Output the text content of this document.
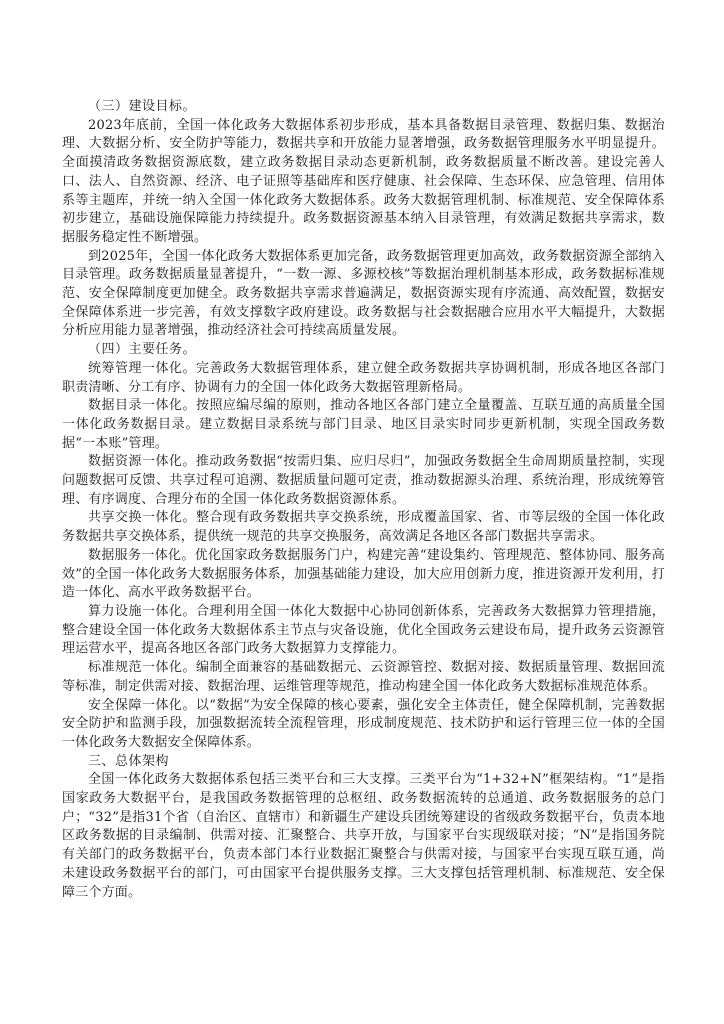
（三）建设目标。

2023年底前，全国一体化政务大数据体系初步形成，基本具备数据目录管理、数据归集、数据治理、大数据分析、安全防护等能力，数据共享和开放能力显著增强，政务数据管理服务水平明显提升。全面摸清政务数据资源底数，建立政务数据目录动态更新机制，政务数据质量不断改善。建设完善人口、法人、自然资源、经济、电子证照等基础库和医疗健康、社会保障、生态环保、应急管理、信用体系等主题库，并统一纳入全国一体化政务大数据体系。政务大数据管理机制、标准规范、安全保障体系初步建立，基础设施保障能力持续提升。政务数据资源基本纳入目录管理，有效满足数据共享需求，数据服务稳定性不断增强。

到2025年，全国一体化政务大数据体系更加完备，政务数据管理更加高效，政务数据资源全部纳入目录管理。政务数据质量显著提升，“一数一源、多源校核”等数据治理机制基本形成，政务数据标准规范、安全保障制度更加健全。政务数据共享需求普遍满足，数据资源实现有序流通、高效配置，数据安全保障体系进一步完善，有效支撑数字政府建设。政务数据与社会数据融合应用水平大幅提升，大数据分析应用能力显著增强，推动经济社会可持续高质量发展。

（四）主要任务。

统筹管理一体化。完善政务大数据管理体系，建立健全政务数据共享协调机制，形成各地区各部门职责清晰、分工有序、协调有力的全国一体化政务大数据管理新格局。

数据目录一体化。按照应编尽编的原则，推动各地区各部门建立全量覆盖、互联互通的高质量全国一体化政务数据目录。建立数据目录系统与部门目录、地区目录实时同步更新机制，实现全国政务数据“一本账”管理。

数据资源一体化。推动政务数据“按需归集、应归尽归”，加强政务数据全生命周期质量控制，实现问题数据可反馈、共享过程可追溯、数据质量问题可定责，推动数据源头治理、系统治理，形成统筹管理、有序调度、合理分布的全国一体化政务数据资源体系。

共享交换一体化。整合现有政务数据共享交换系统，形成覆盖国家、省、市等层级的全国一体化政务数据共享交换体系，提供统一规范的共享交换服务，高效满足各地区各部门数据共享需求。

数据服务一体化。优化国家政务数据服务门户，构建完善“建设集约、管理规范、整体协同、服务高效”的全国一体化政务大数据服务体系，加强基础能力建设，加大应用创新力度，推进资源开发利用，打造一体化、高水平政务数据平台。

算力设施一体化。合理利用全国一体化大数据中心协同创新体系，完善政务大数据算力管理措施，整合建设全国一体化政务大数据体系主节点与灾备设施，优化全国政务云建设布局，提升政务云资源管理运营水平，提高各地区各部门政务大数据算力支撑能力。

标准规范一体化。编制全面兼容的基础数据元、云资源管控、数据对接、数据质量管理、数据回流等标准，制定供需对接、数据治理、运维管理等规范，推动构建全国一体化政务大数据标准规范体系。

安全保障一体化。以“数据”为安全保障的核心要素，强化安全主体责任，健全保障机制，完善数据安全防护和监测手段，加强数据流转全流程管理，形成制度规范、技术防护和运行管理三位一体的全国一体化政务大数据安全保障体系。

三、总体架构

全国一体化政务大数据体系包括三类平台和三大支撑。三类平台为“1+32+N”框架结构。“1”是指国家政务大数据平台，是我国政务数据管理的总枢纽、政务数据流转的总通道、政务数据服务的总门户；“32”是指31个省（自治区、直辖市）和新疆生产建设兵团统筹建设的省级政务数据平台，负责本地区政务数据的目录编制、供需对接、汇聚整合、共享开放，与国家平台实现级联对接；“N”是指国务院有关部门的政务数据平台，负责本部门本行业数据汇聚整合与供需对接，与国家平台实现互联互通，尚未建设政务数据平台的部门，可由国家平台提供服务支撑。三大支撑包括管理机制、标准规范、安全保障三个方面。
